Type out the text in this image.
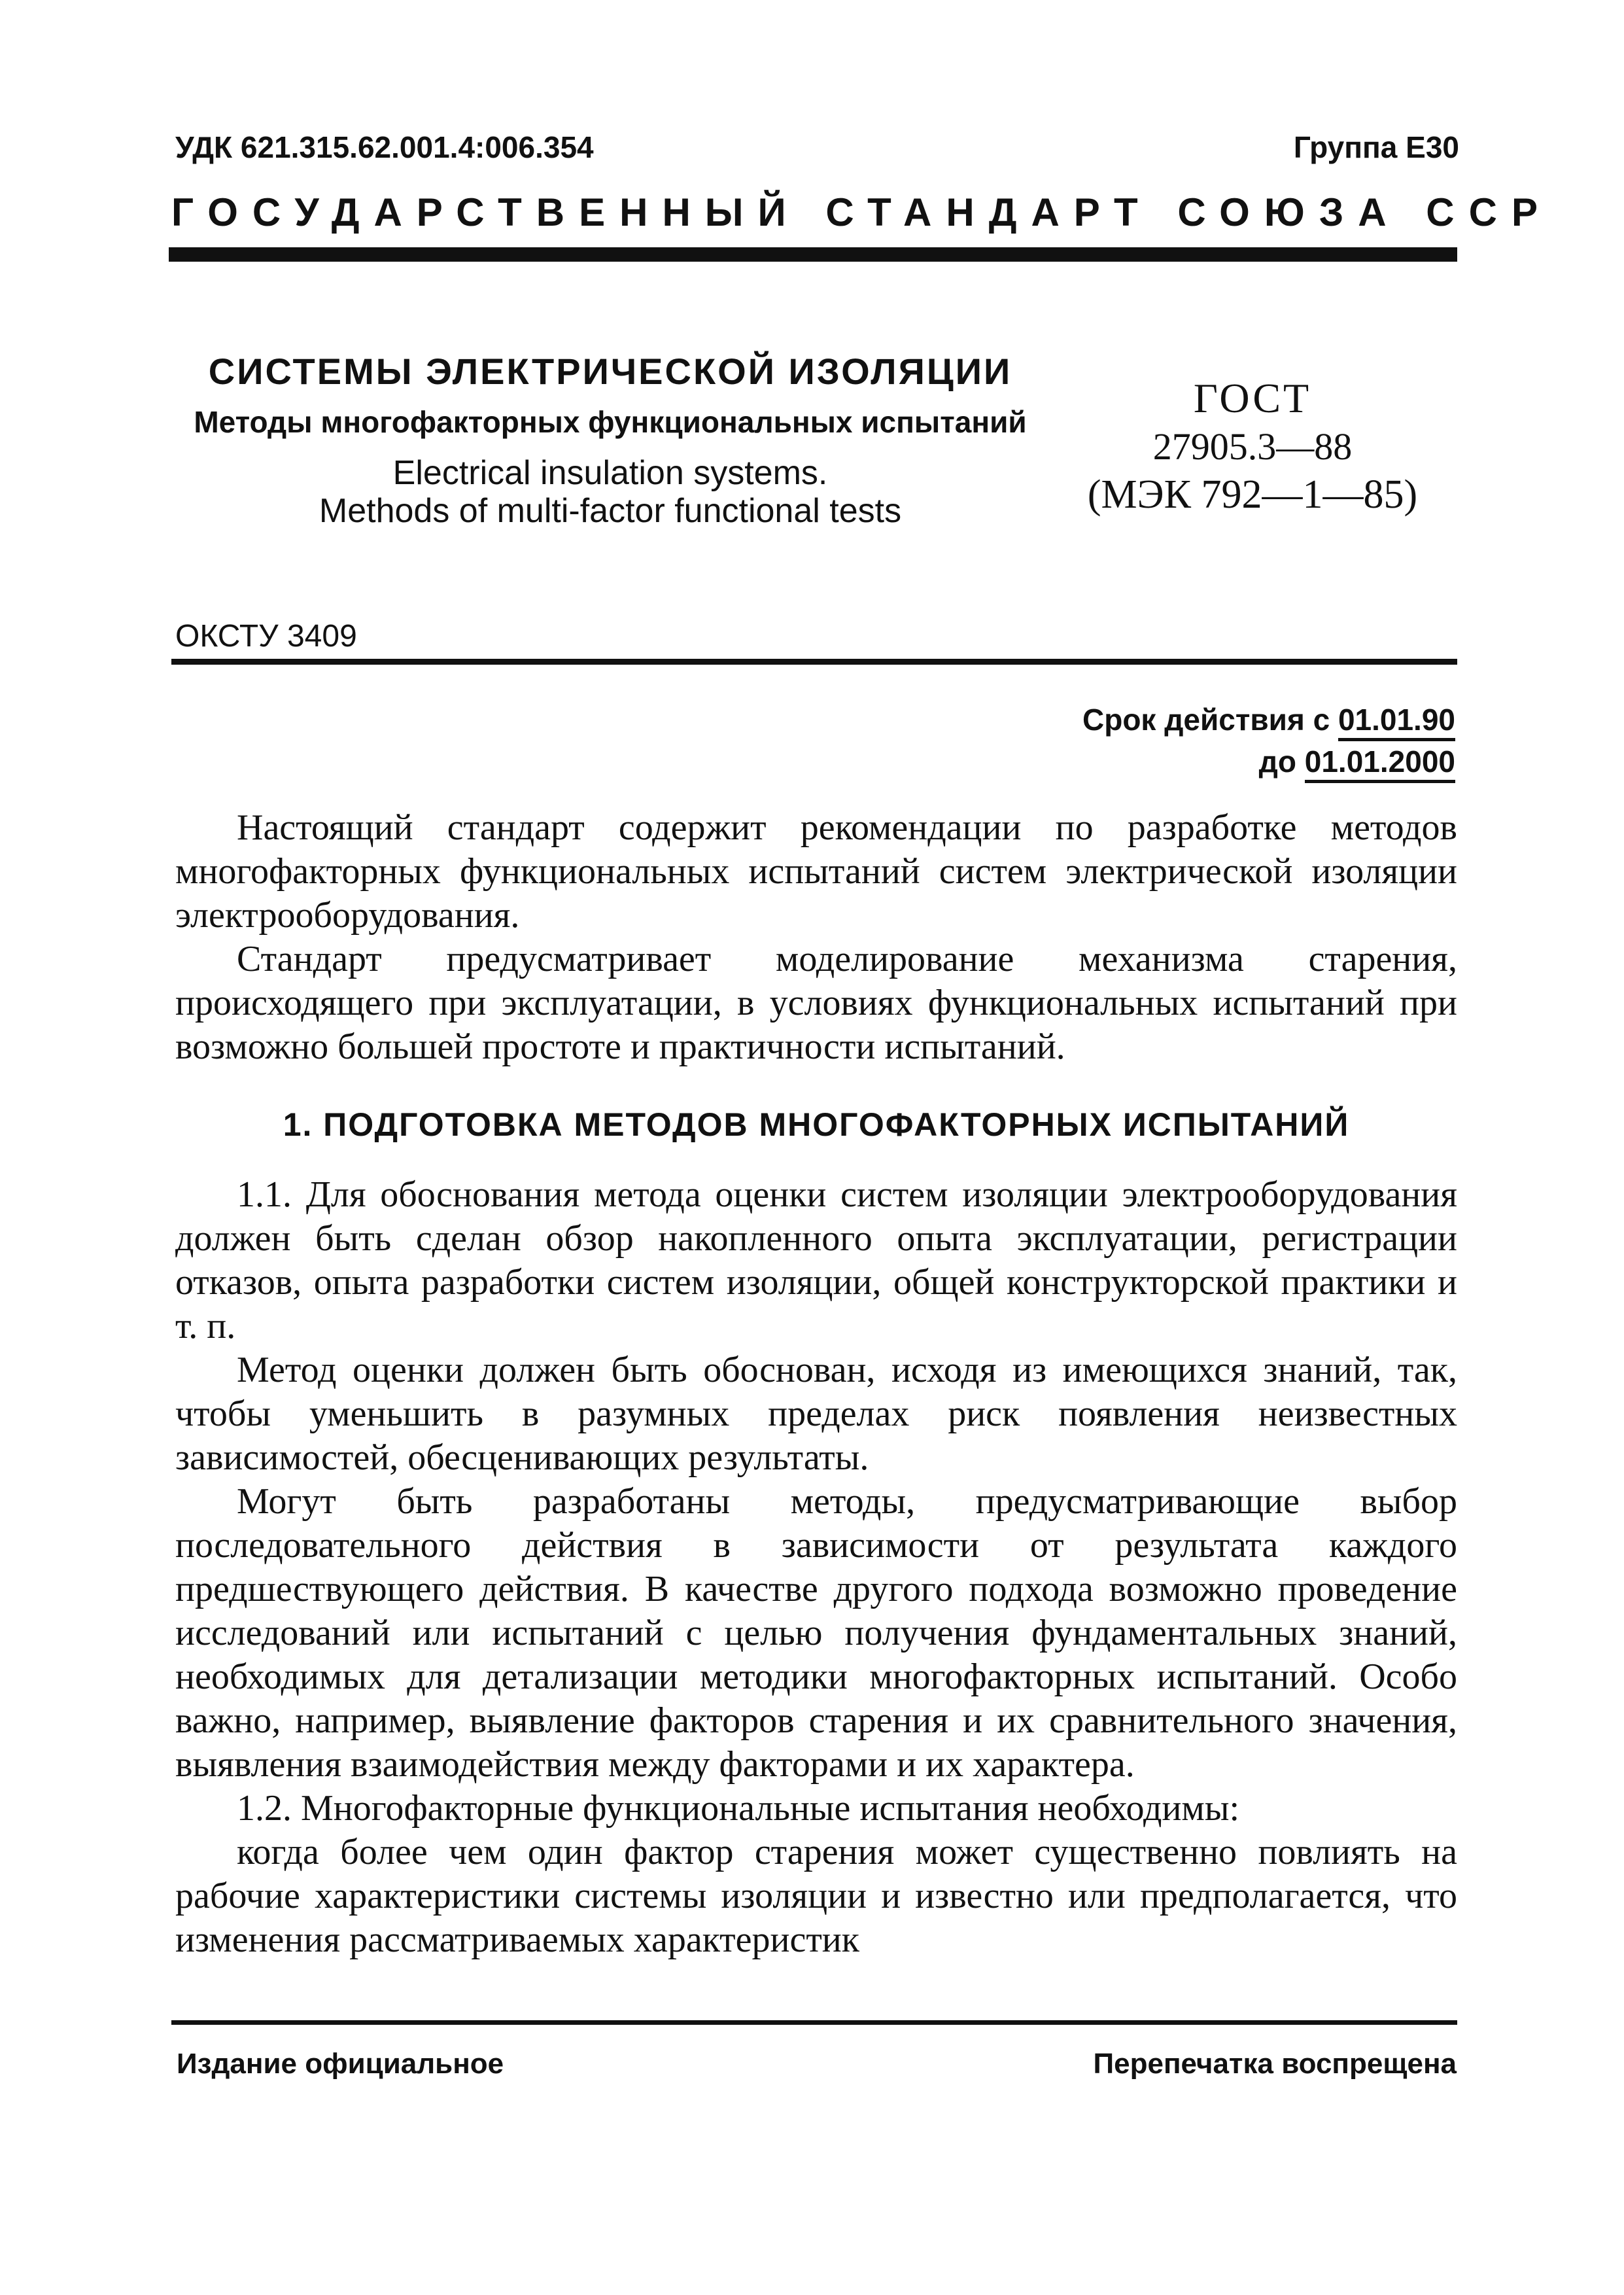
УДК 621.315.62.001.4:006.354	Группа Е30
ГОСУДАРСТВЕННЫЙ СТАНДАРТ СОЮЗА ССР
СИСТЕМЫ ЭЛЕКТРИЧЕСКОЙ ИЗОЛЯЦИИ
Методы многофакторных функциональных испытаний
Electrical insulation systems.
Methods of multi-factor functional tests
ГОСТ
27905.3—88
(МЭК 792—1—85)
ОКСТУ 3409
Срок действия с 01.01.90
до 01.01.2000

Настоящий стандарт содержит рекомендации по разработке методов многофакторных функциональных испытаний систем электрической изоляции электрооборудования.

Стандарт предусматривает моделирование механизма старения, происходящего при эксплуатации, в условиях функциональных испытаний при возможно большей простоте и практичности испытаний.

1. ПОДГОТОВКА МЕТОДОВ МНОГОФАКТОРНЫХ ИСПЫТАНИЙ

1.1. Для обоснования метода оценки систем изоляции электрооборудования должен быть сделан обзор накопленного опыта эксплуатации, регистрации отказов, опыта разработки систем изоляции, общей конструкторской практики и т. п.

Метод оценки должен быть обоснован, исходя из имеющихся знаний, так, чтобы уменьшить в разумных пределах риск появления неизвестных зависимостей, обесценивающих результаты.

Могут быть разработаны методы, предусматривающие выбор последовательного действия в зависимости от результата каждого предшествующего действия. В качестве другого подхода возможно проведение исследований или испытаний с целью получения фундаментальных знаний, необходимых для детализации методики многофакторных испытаний. Особо важно, например, выявление факторов старения и их сравнительного значения, выявления взаимодействия между факторами и их характера.

1.2. Многофакторные функциональные испытания необходимы:

когда более чем один фактор старения может существенно повлиять на рабочие характеристики системы изоляции и известно или предполагается, что изменения рассматриваемых характеристик

Издание официальное	Перепечатка воспрещена
